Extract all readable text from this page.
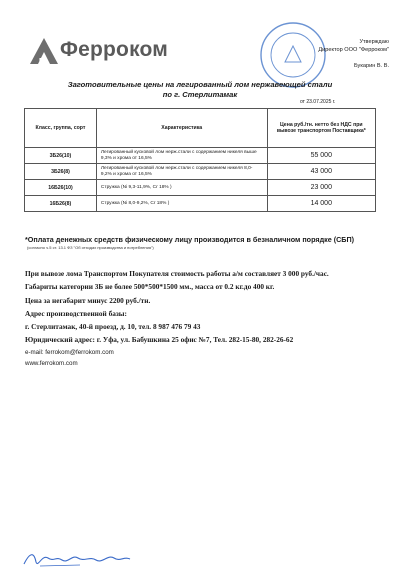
Fe
Ферроком	Утверждаю
Директор ООО "Ферроком"
Букарин В. В.
Заготовительные цены на легированный лом нержавеющей стали
по г. Стерлитамак
от 23.07.2025 г.
Класс, группа, сорт	Характеристика	Цена руб./тн. нетто без НДС при вывозе транспортом Поставщика*
3Б26(10)	Легированный кусковой лом нерж.стали с содержанием никеля выше 9,3% и хрома от 16,5%	55 000
3Б26(8)	Легированный кусковой лом нерж.стали с содержанием никеля 8,0-9,2% и хрома от 16,5%	43 000
16Б26(10)	Стружка (Ni 9,3-11,9%, Cr 18% )	23 000
16Б26(8)	Стружка (Ni 8,0-9,2%, Cr 18% )	14 000
*Оплата денежных средств физическому лицу производится в безналичном порядке (СБП)
(согласно ч.5 ст. 13.1 ФЗ "Об отходах производства и потребления")
При вывозе лома Транспортом Покупателя стоимость работы а/м составляет 3 000 руб./час.
Габариты категории 3Б не более 500*500*1500 мм., масса от 0.2 кг.до 400 кг.
Цена за негабарит минус 2200 руб./тн.
Адрес производственной базы:
г. Стерлитамак, 40-й проезд, д. 10, тел. 8 987 476 79 43
Юридический адрес: г. Уфа, ул. Бабушкина 25 офис №7, Тел. 282-15-80, 282-26-62
e-mail: ferrokom@ferrokom.com
www.ferrokom.com
